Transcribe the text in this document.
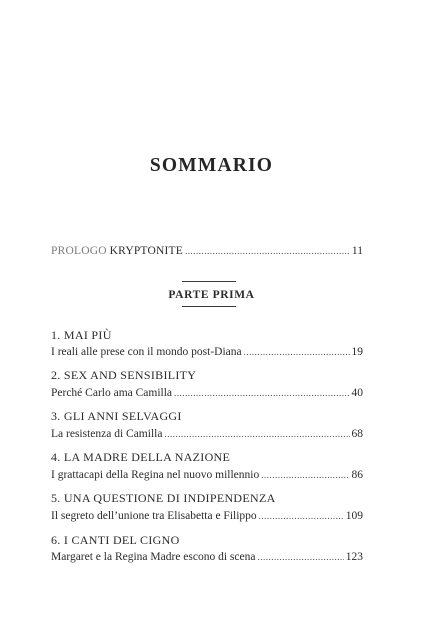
SOMMARIO
PROLOGO KRYPTONITE .....	11
PARTE PRIMA
1. MAI PIÙ
I reali alle prese con il mondo post-Diana .....	19
2. SEX AND SENSIBILITY
Perché Carlo ama Camilla .....	40
3. GLI ANNI SELVAGGI
La resistenza di Camilla .....	68
4. LA MADRE DELLA NAZIONE
I grattacapi della Regina nel nuovo millennio .....	86
5. UNA QUESTIONE DI INDIPENDENZA
Il segreto dell’unione tra Elisabetta e Filippo .....	109
6. I CANTI DEL CIGNO
Margaret e la Regina Madre escono di scena .....	123
